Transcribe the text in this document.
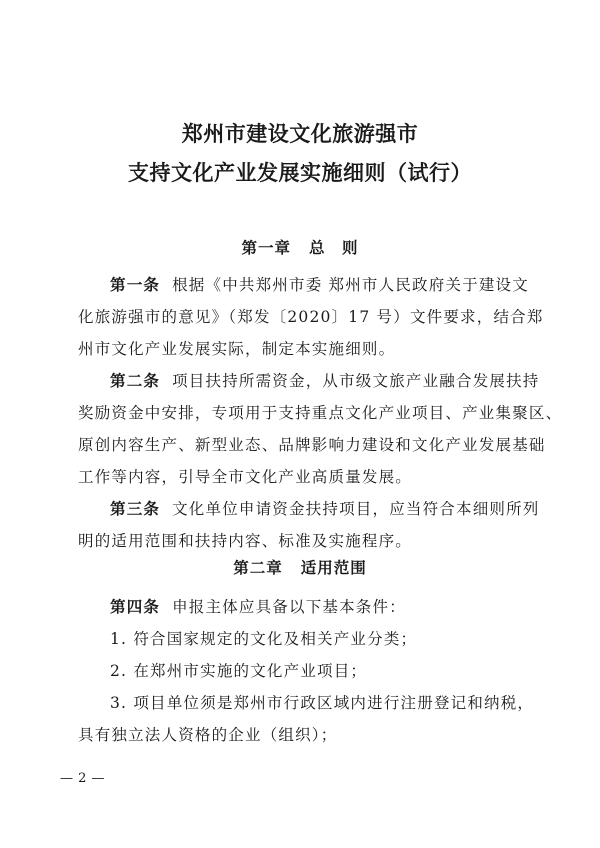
郑州市建设文化旅游强市
支持文化产业发展实施细则（试行）
第一章 总　则
第一条 根据《中共郑州市委 郑州市人民政府关于建设文
化旅游强市的意见》（郑发〔2020〕17 号）文件要求，结合郑
州市文化产业发展实际，制定本实施细则。
第二条 项目扶持所需资金，从市级文旅产业融合发展扶持
奖励资金中安排，专项用于支持重点文化产业项目、产业集聚区、
原创内容生产、新型业态、品牌影响力建设和文化产业发展基础
工作等内容，引导全市文化产业高质量发展。
第三条 文化单位申请资金扶持项目，应当符合本细则所列
明的适用范围和扶持内容、标准及实施程序。
第二章 适用范围
第四条 申报主体应具备以下基本条件：
1. 符合国家规定的文化及相关产业分类；
2. 在郑州市实施的文化产业项目；
3. 项目单位须是郑州市行政区域内进行注册登记和纳税，
具有独立法人资格的企业（组织）；
— 2 —
